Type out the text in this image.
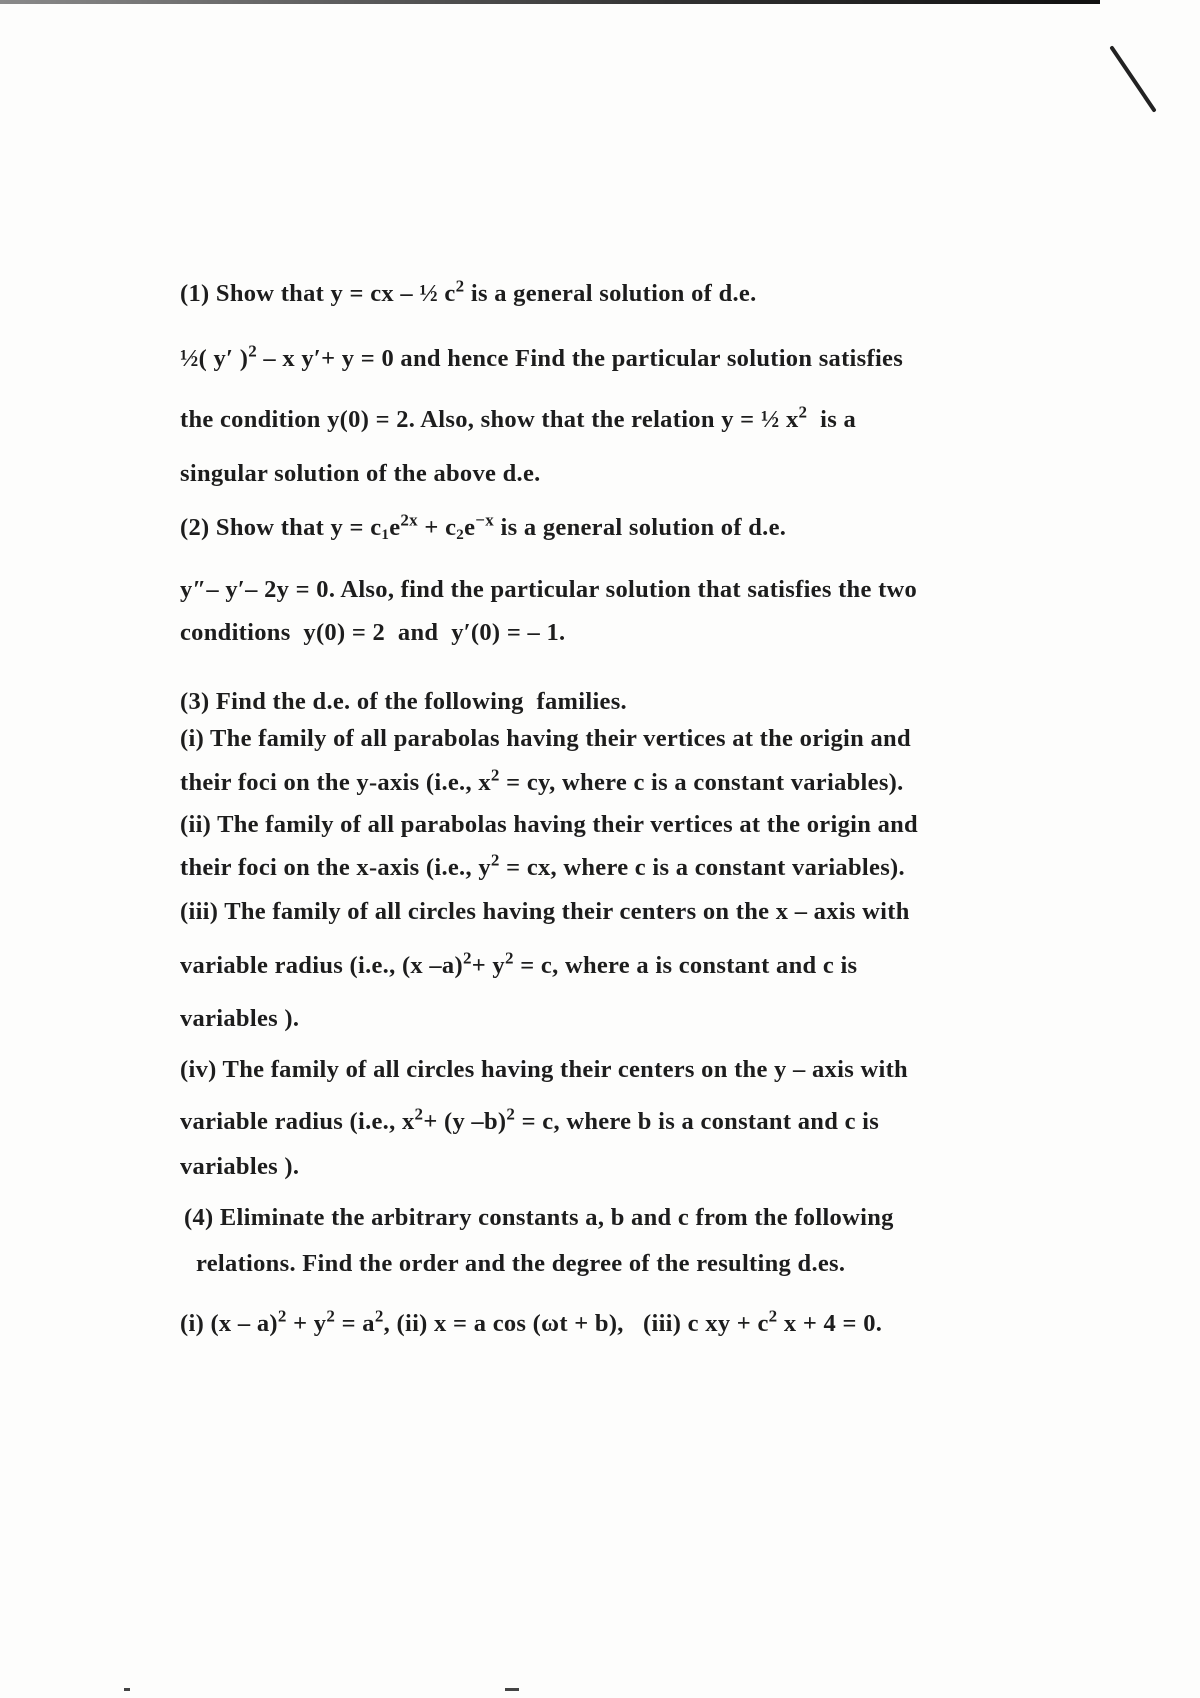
(1) Show that y = cx – ½ $c^2$ is a general solution of d.e.
½( y′ )$^2$ – x y′+ y = 0 and hence Find the particular solution satisfies
the condition y(0) = 2. Also, show that the relation y = ½ $x^2$  is a
singular solution of the above d.e.
(2) Show that $y = c_1e^{2x} + c_2e^{-x}$ is a general solution of d.e.
y″– y′– 2y = 0. Also, find the particular solution that satisfies the two
conditions  y(0) = 2  and  y′(0) = – 1.
(3) Find the d.e. of the following  families.
(i) The family of all parabolas having their vertices at the origin and
their foci on the y-axis (i.e., $x^2$ = cy, where c is a constant variables).
(ii) The family of all parabolas having their vertices at the origin and
their foci on the x-axis (i.e., $y^2$ = cx, where c is a constant variables).
(iii) The family of all circles having their centers on the x – axis with
variable radius (i.e., (x $-a)^2+ y^2 = c$, where a is constant and c is
variables ).
(iv) The family of all circles having their centers on the y – axis with
variable radius (i.e., $x^2+ (y$ –b)$^2$ = c, where b is a constant and c is
variables ).
(4) Eliminate the arbitrary constants a, b and c from the following
relations. Find the order and the degree of the resulting d.es.
(i) $(x - a)^2 + y^2 = a^2$, (ii) x = a cos (ωt + b),   (iii) c xy + $c^2$ x + 4 = 0.
